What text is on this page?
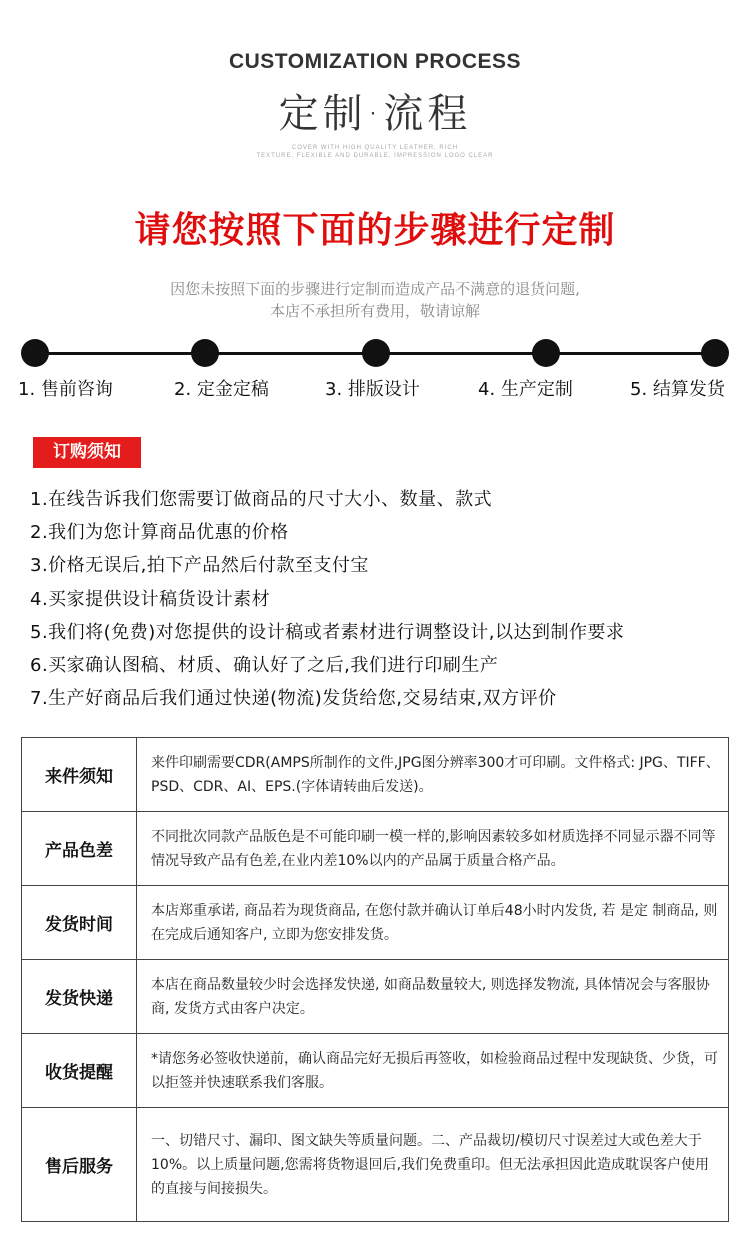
CUSTOMIZATION PROCESS
定制·流程
COVER WITH HIGH QUALITY LEATHER, RICH
TEXTURE, FLEXIBLE AND DURABLE, IMPRESSION LOGO CLEAR
请您按照下面的步骤进行定制
因您未按照下面的步骤进行定制而造成产品不满意的退货问题,
本店不承担所有费用，敬请谅解
1. 售前咨询	2. 定金定稿	3. 排版设计	4. 生产定制	5. 结算发货
订购须知
1.在线告诉我们您需要订做商品的尺寸大小、数量、款式
2.我们为您计算商品优惠的价格
3.价格无误后,拍下产品然后付款至支付宝
4.买家提供设计稿货设计素材
5.我们将(免费)对您提供的设计稿或者素材进行调整设计,以达到制作要求
6.买家确认图稿、材质、确认好了之后,我们进行印刷生产
7.生产好商品后我们通过快递(物流)发货给您,交易结束,双方评价
来件须知	来件印刷需要CDR(AMPS所制作的文件,JPG图分辨率300才可印刷。文件格式: JPG、TIFF、PSD、CDR、AI、EPS.(字体请转曲后发送)。
产品色差	不同批次同款产品版色是不可能印刷一模一样的,影响因素较多如材质选择不同显示器不同等情况导致产品有色差,在业内差10%以内的产品属于质量合格产品。
发货时间	本店郑重承诺, 商品若为现货商品, 在您付款并确认订单后48小时内发货, 若 是定 制商品, 则在完成后通知客户, 立即为您安排发货。
发货快递	本店在商品数量较少时会选择发快递, 如商品数量较大, 则选择发物流, 具体情况会与客服协商, 发货方式由客户决定。
收货提醒	*请您务必签收快递前，确认商品完好无损后再签收，如检验商品过程中发现缺货、少货，可以拒签并快速联系我们客服。
售后服务	一、切错尺寸、漏印、图文缺失等质量问题。二、产品裁切/模切尺寸误差过大或色差大于10%。以上质量问题,您需将货物退回后,我们免费重印。但无法承担因此造成耽误客户使用的直接与间接损失。
